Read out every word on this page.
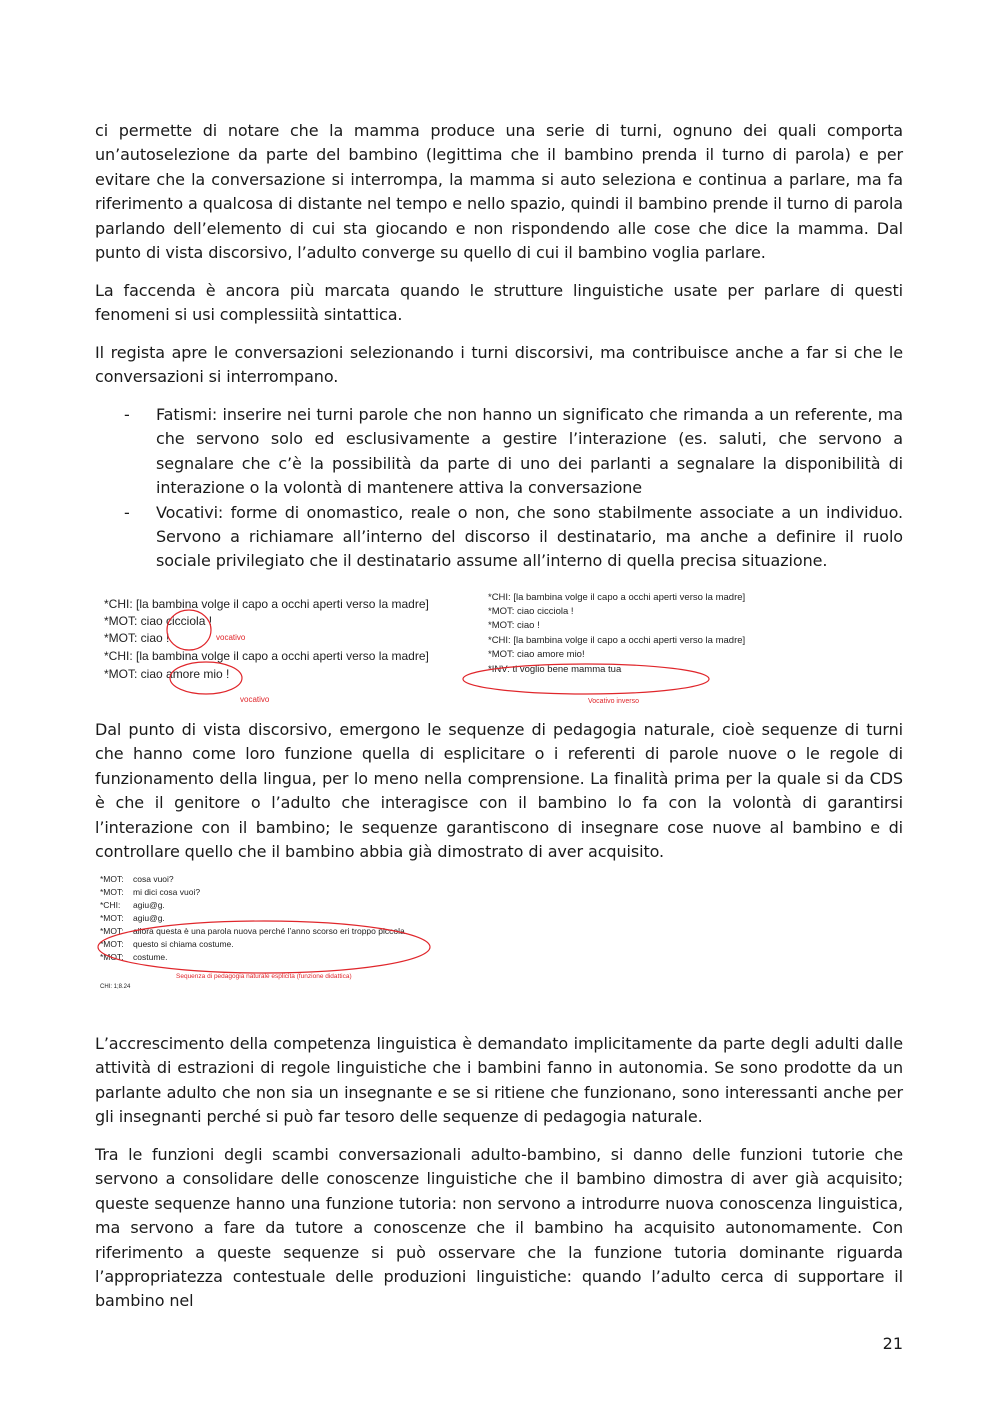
ci permette di notare che la mamma produce una serie di turni, ognuno dei quali comporta un’autoselezione da parte del bambino (legittima che il bambino prenda il turno di parola) e per evitare che la conversazione si interrompa, la mamma si auto seleziona e continua a parlare, ma fa riferimento a qualcosa di distante nel tempo e nello spazio, quindi il bambino prende il turno di parola parlando dell’elemento di cui sta giocando e non rispondendo alle cose che dice la mamma. Dal punto di vista discorsivo, l’adulto converge su quello di cui il bambino voglia parlare.

La faccenda è ancora più marcata quando le strutture linguistiche usate per parlare di questi fenomeni si usi complessiità sintattica.

Il regista apre le conversazioni selezionando i turni discorsivi, ma contribuisce anche a far si che le conversazioni si interrompano.

- Fatismi: inserire nei turni parole che non hanno un significato che rimanda a un referente, ma che servono solo ed esclusivamente a gestire l’interazione (es. saluti, che servono a segnalare che c’è la possibilità da parte di uno dei parlanti a segnalare la disponibilità di interazione o la volontà di mantenere attiva la conversazione
- Vocativi: forme di onomastico, reale o non, che sono stabilmente associate a un individuo. Servono a richiamare all’interno del discorso il destinatario, ma anche a definire il ruolo sociale privilegiato che il destinatario assume all’interno di quella precisa situazione.
*CHI: [la bambina volge il capo a occhi aperti verso la madre]
*MOT: ciao cicciola !
*MOT: ciao !
*CHI: [la bambina volge il capo a occhi aperti verso la madre]
*MOT: ciao amore mio !
vocativo
vocativo
*CHI: [la bambina volge il capo a occhi aperti verso la madre]
*MOT: ciao cicciola !
*MOT: ciao !
*CHI: [la bambina volge il capo a occhi aperti verso la madre]
*MOT: ciao amore mio!
*INV: ti voglio bene mamma tua
Vocativo inverso

Dal punto di vista discorsivo, emergono le sequenze di pedagogia naturale, cioè sequenze di turni che hanno come loro funzione quella di esplicitare o i referenti di parole nuove o le regole di funzionamento della lingua, per lo meno nella comprensione. La finalità prima per la quale si da CDS è che il genitore o l’adulto che interagisce con il bambino lo fa con la volontà di garantirsi l’interazione con il bambino; le sequenze garantiscono di insegnare cose nuove al bambino e di controllare quello che il bambino abbia già dimostrato di aver acquisito.

*MOT: cosa vuoi?
*MOT: mi dici cosa vuoi?
*CHI: agiu@g.
*MOT: agiu@g.
*MOT: allora questa è una parola nuova perché l’anno scorso eri troppo piccola.
*MOT: questo si chiama costume.
*MOT: costume.
Sequenza di pedagogia naturale esplicita (funzione didattica)
CHI: 1;8.24

L’accrescimento della competenza linguistica è demandato implicitamente da parte degli adulti dalle attività di estrazioni di regole linguistiche che i bambini fanno in autonomia. Se sono prodotte da un parlante adulto che non sia un insegnante e se si ritiene che funzionano, sono interessanti anche per gli insegnanti perché si può far tesoro delle sequenze di pedagogia naturale.

Tra le funzioni degli scambi conversazionali adulto-bambino, si danno delle funzioni tutorie che servono a consolidare delle conoscenze linguistiche che il bambino dimostra di aver già acquisito; queste sequenze hanno una funzione tutoria: non servono a introdurre nuova conoscenza linguistica, ma servono a fare da tutore a conoscenze che il bambino ha acquisito autonomamente. Con riferimento a queste sequenze si può osservare che la funzione tutoria dominante riguarda l’appropriatezza contestuale delle produzioni linguistiche: quando l’adulto cerca di supportare il bambino nel

21
